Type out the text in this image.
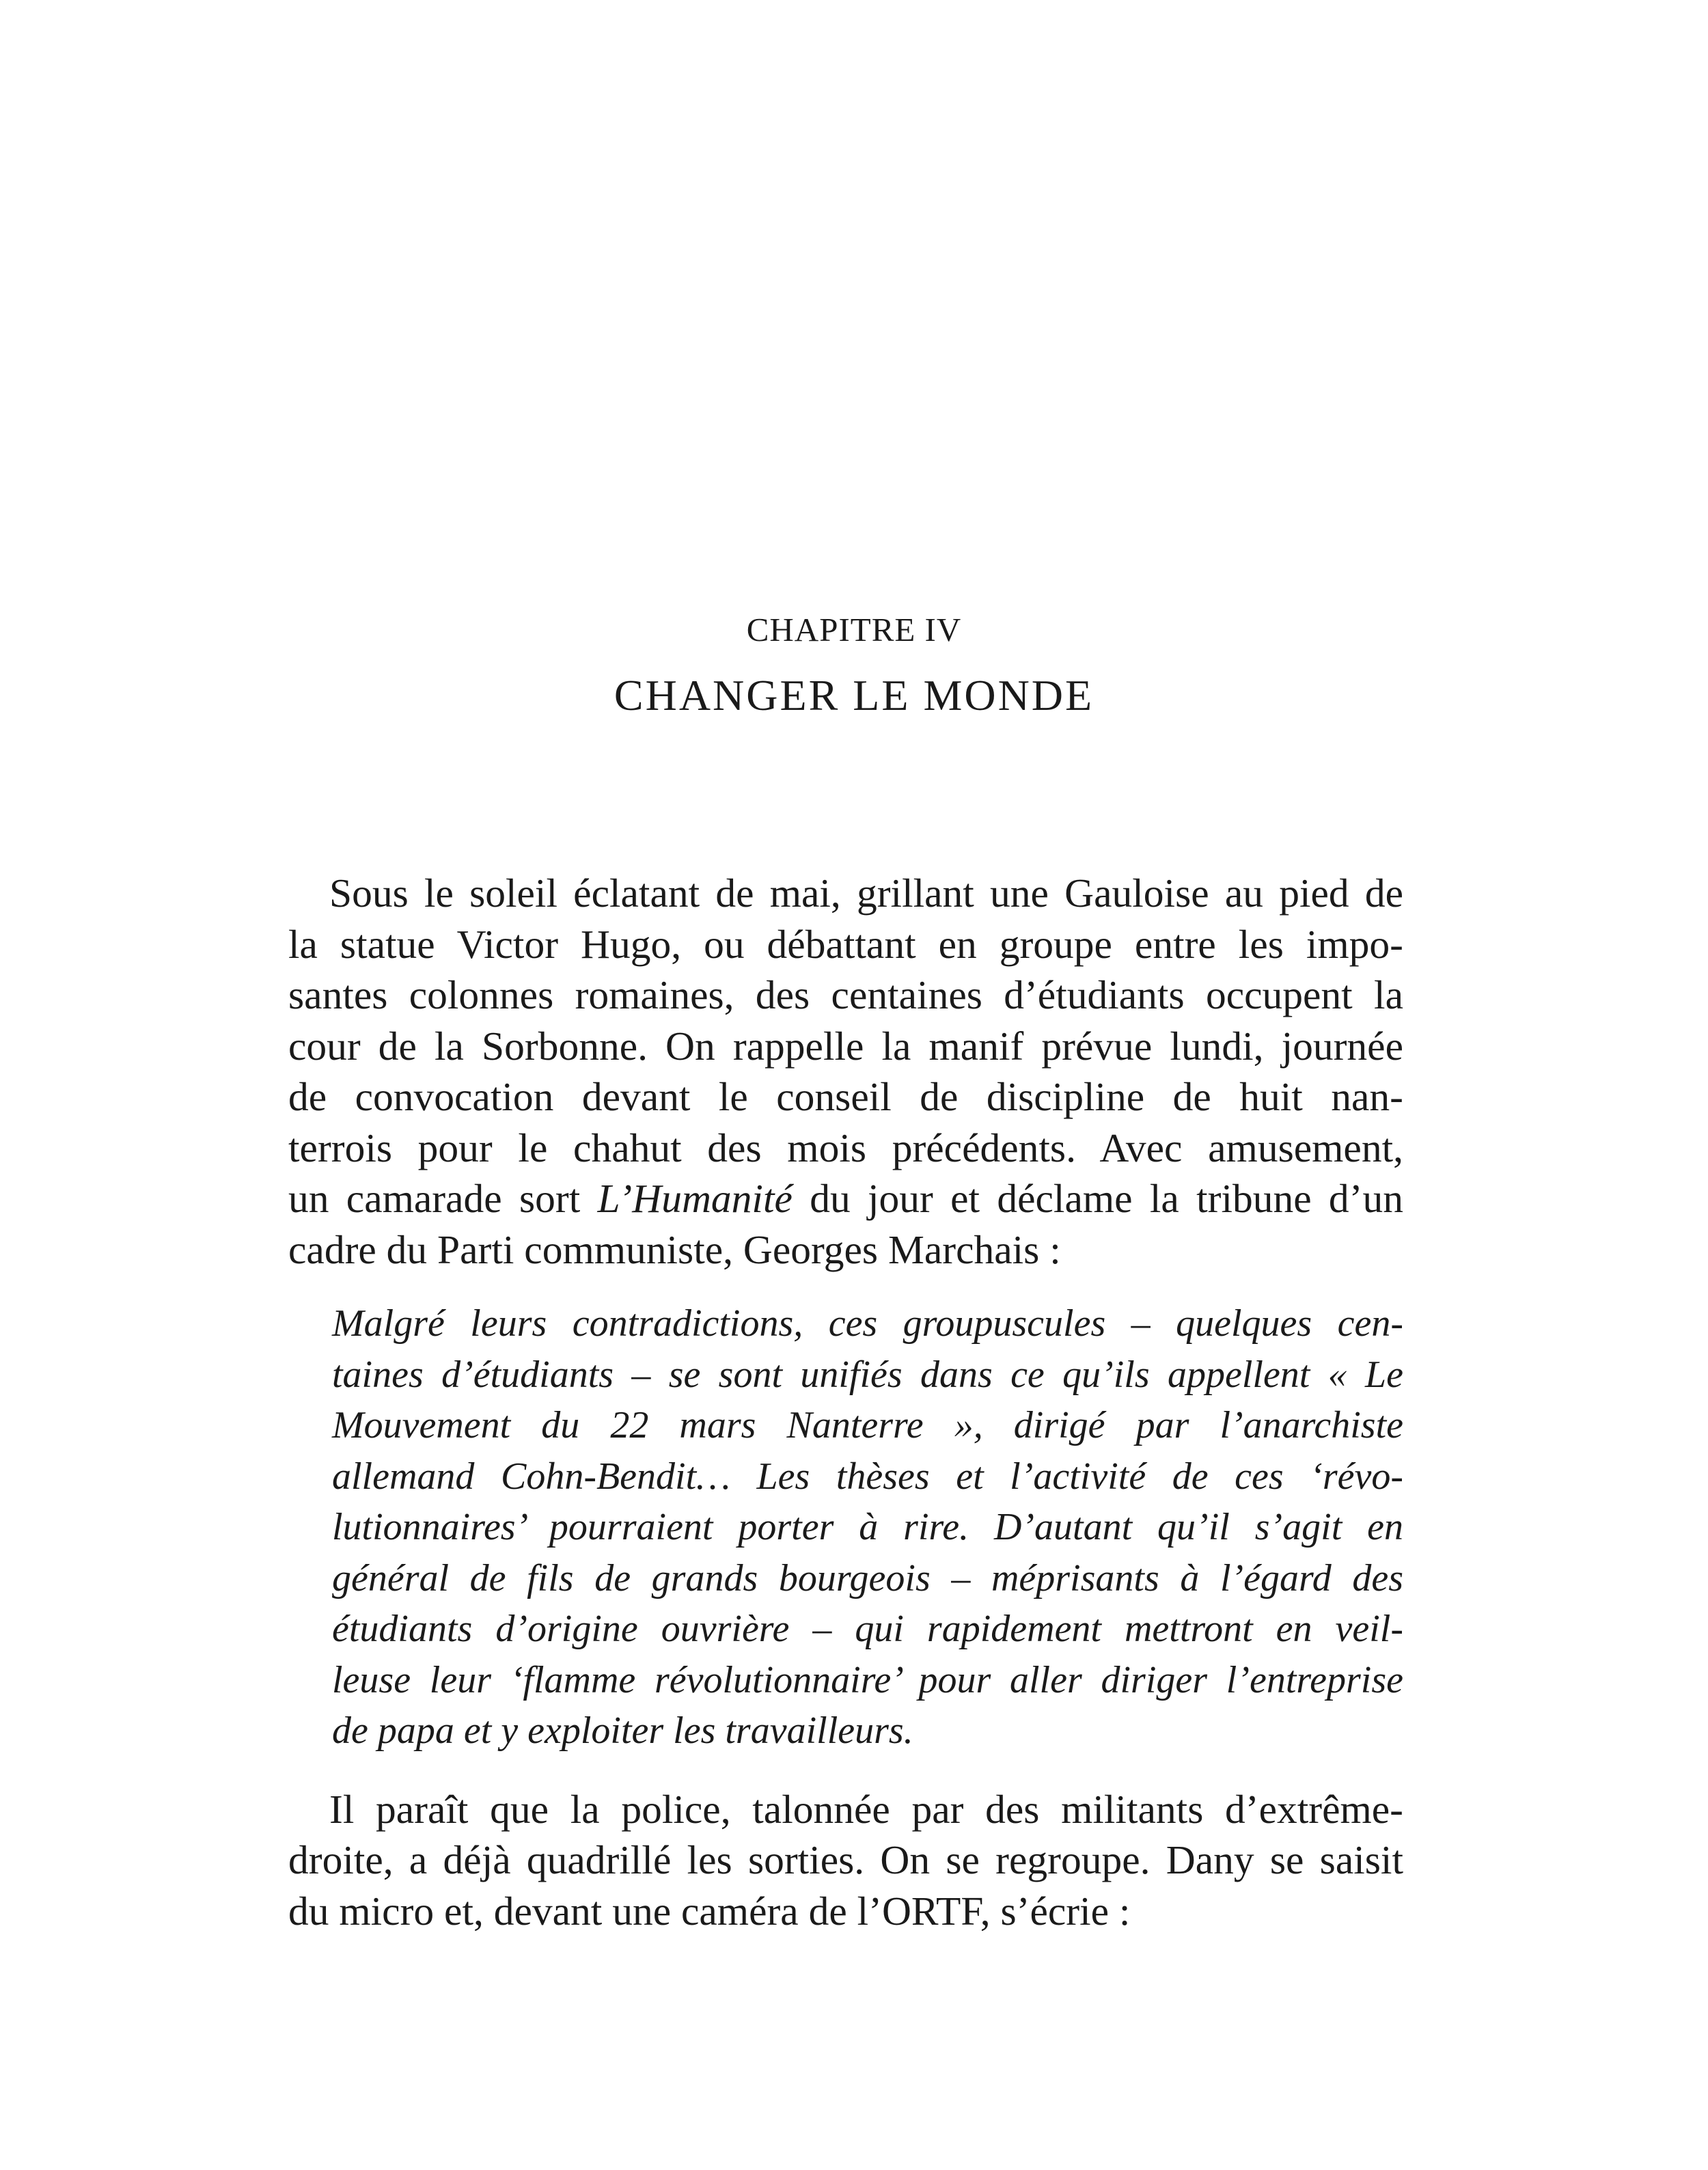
CHAPITRE IV
CHANGER LE MONDE
Sous le soleil éclatant de mai, grillant une Gauloise au pied de
la statue Victor Hugo, ou débattant en groupe entre les impo-
santes colonnes romaines, des centaines d’étudiants occupent la
cour de la Sorbonne. On rappelle la manif prévue lundi, journée
de convocation devant le conseil de discipline de huit nan-
terrois pour le chahut des mois précédents. Avec amusement,
un camarade sort L’Humanité du jour et déclame la tribune d’un
cadre du Parti communiste, Georges Marchais :
Malgré leurs contradictions, ces groupuscules – quelques cen-
taines d’étudiants – se sont unifiés dans ce qu’ils appellent « Le
Mouvement du 22 mars Nanterre », dirigé par l’anarchiste
allemand Cohn-Bendit… Les thèses et l’activité de ces ‘révo-
lutionnaires’ pourraient porter à rire. D’autant qu’il s’agit en
général de fils de grands bourgeois – méprisants à l’égard des
étudiants d’origine ouvrière – qui rapidement mettront en veil-
leuse leur ‘flamme révolutionnaire’ pour aller diriger l’entreprise
de papa et y exploiter les travailleurs.
Il paraît que la police, talonnée par des militants d’extrême-
droite, a déjà quadrillé les sorties. On se regroupe. Dany se saisit
du micro et, devant une caméra de l’ORTF, s’écrie :
